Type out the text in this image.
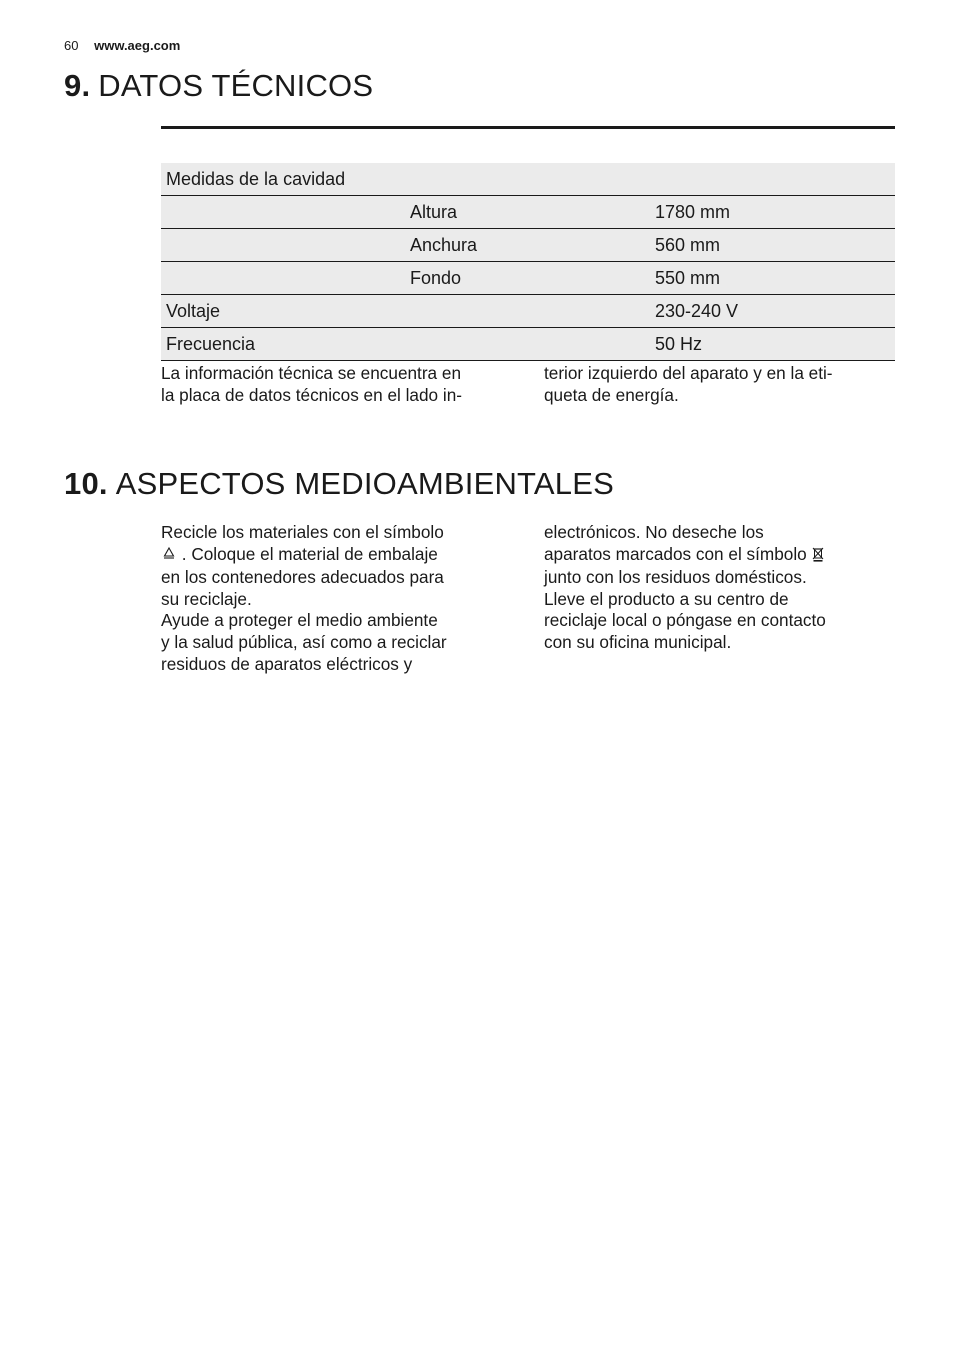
60 www.aeg.com
9. DATOS TÉCNICOS

Medidas de la cavidad		
	Altura	1780 mm
	Anchura	560 mm
	Fondo	550 mm
Voltaje		230-240 V
Frecuencia		50 Hz

La información técnica se encuentra en
la placa de datos técnicos en el lado in-

terior izquierdo del aparato y en la eti-
queta de energía.

10. ASPECTOS MEDIOAMBIENTALES

Recicle los materiales con el símbolo
. Coloque el material de embalaje
en los contenedores adecuados para
su reciclaje.
Ayude a proteger el medio ambiente
y la salud pública, así como a reciclar
residuos de aparatos eléctricos y

electrónicos. No deseche los
aparatos marcados con el símbolo
junto con los residuos domésticos.
Lleve el producto a su centro de
reciclaje local o póngase en contacto
con su oficina municipal.
